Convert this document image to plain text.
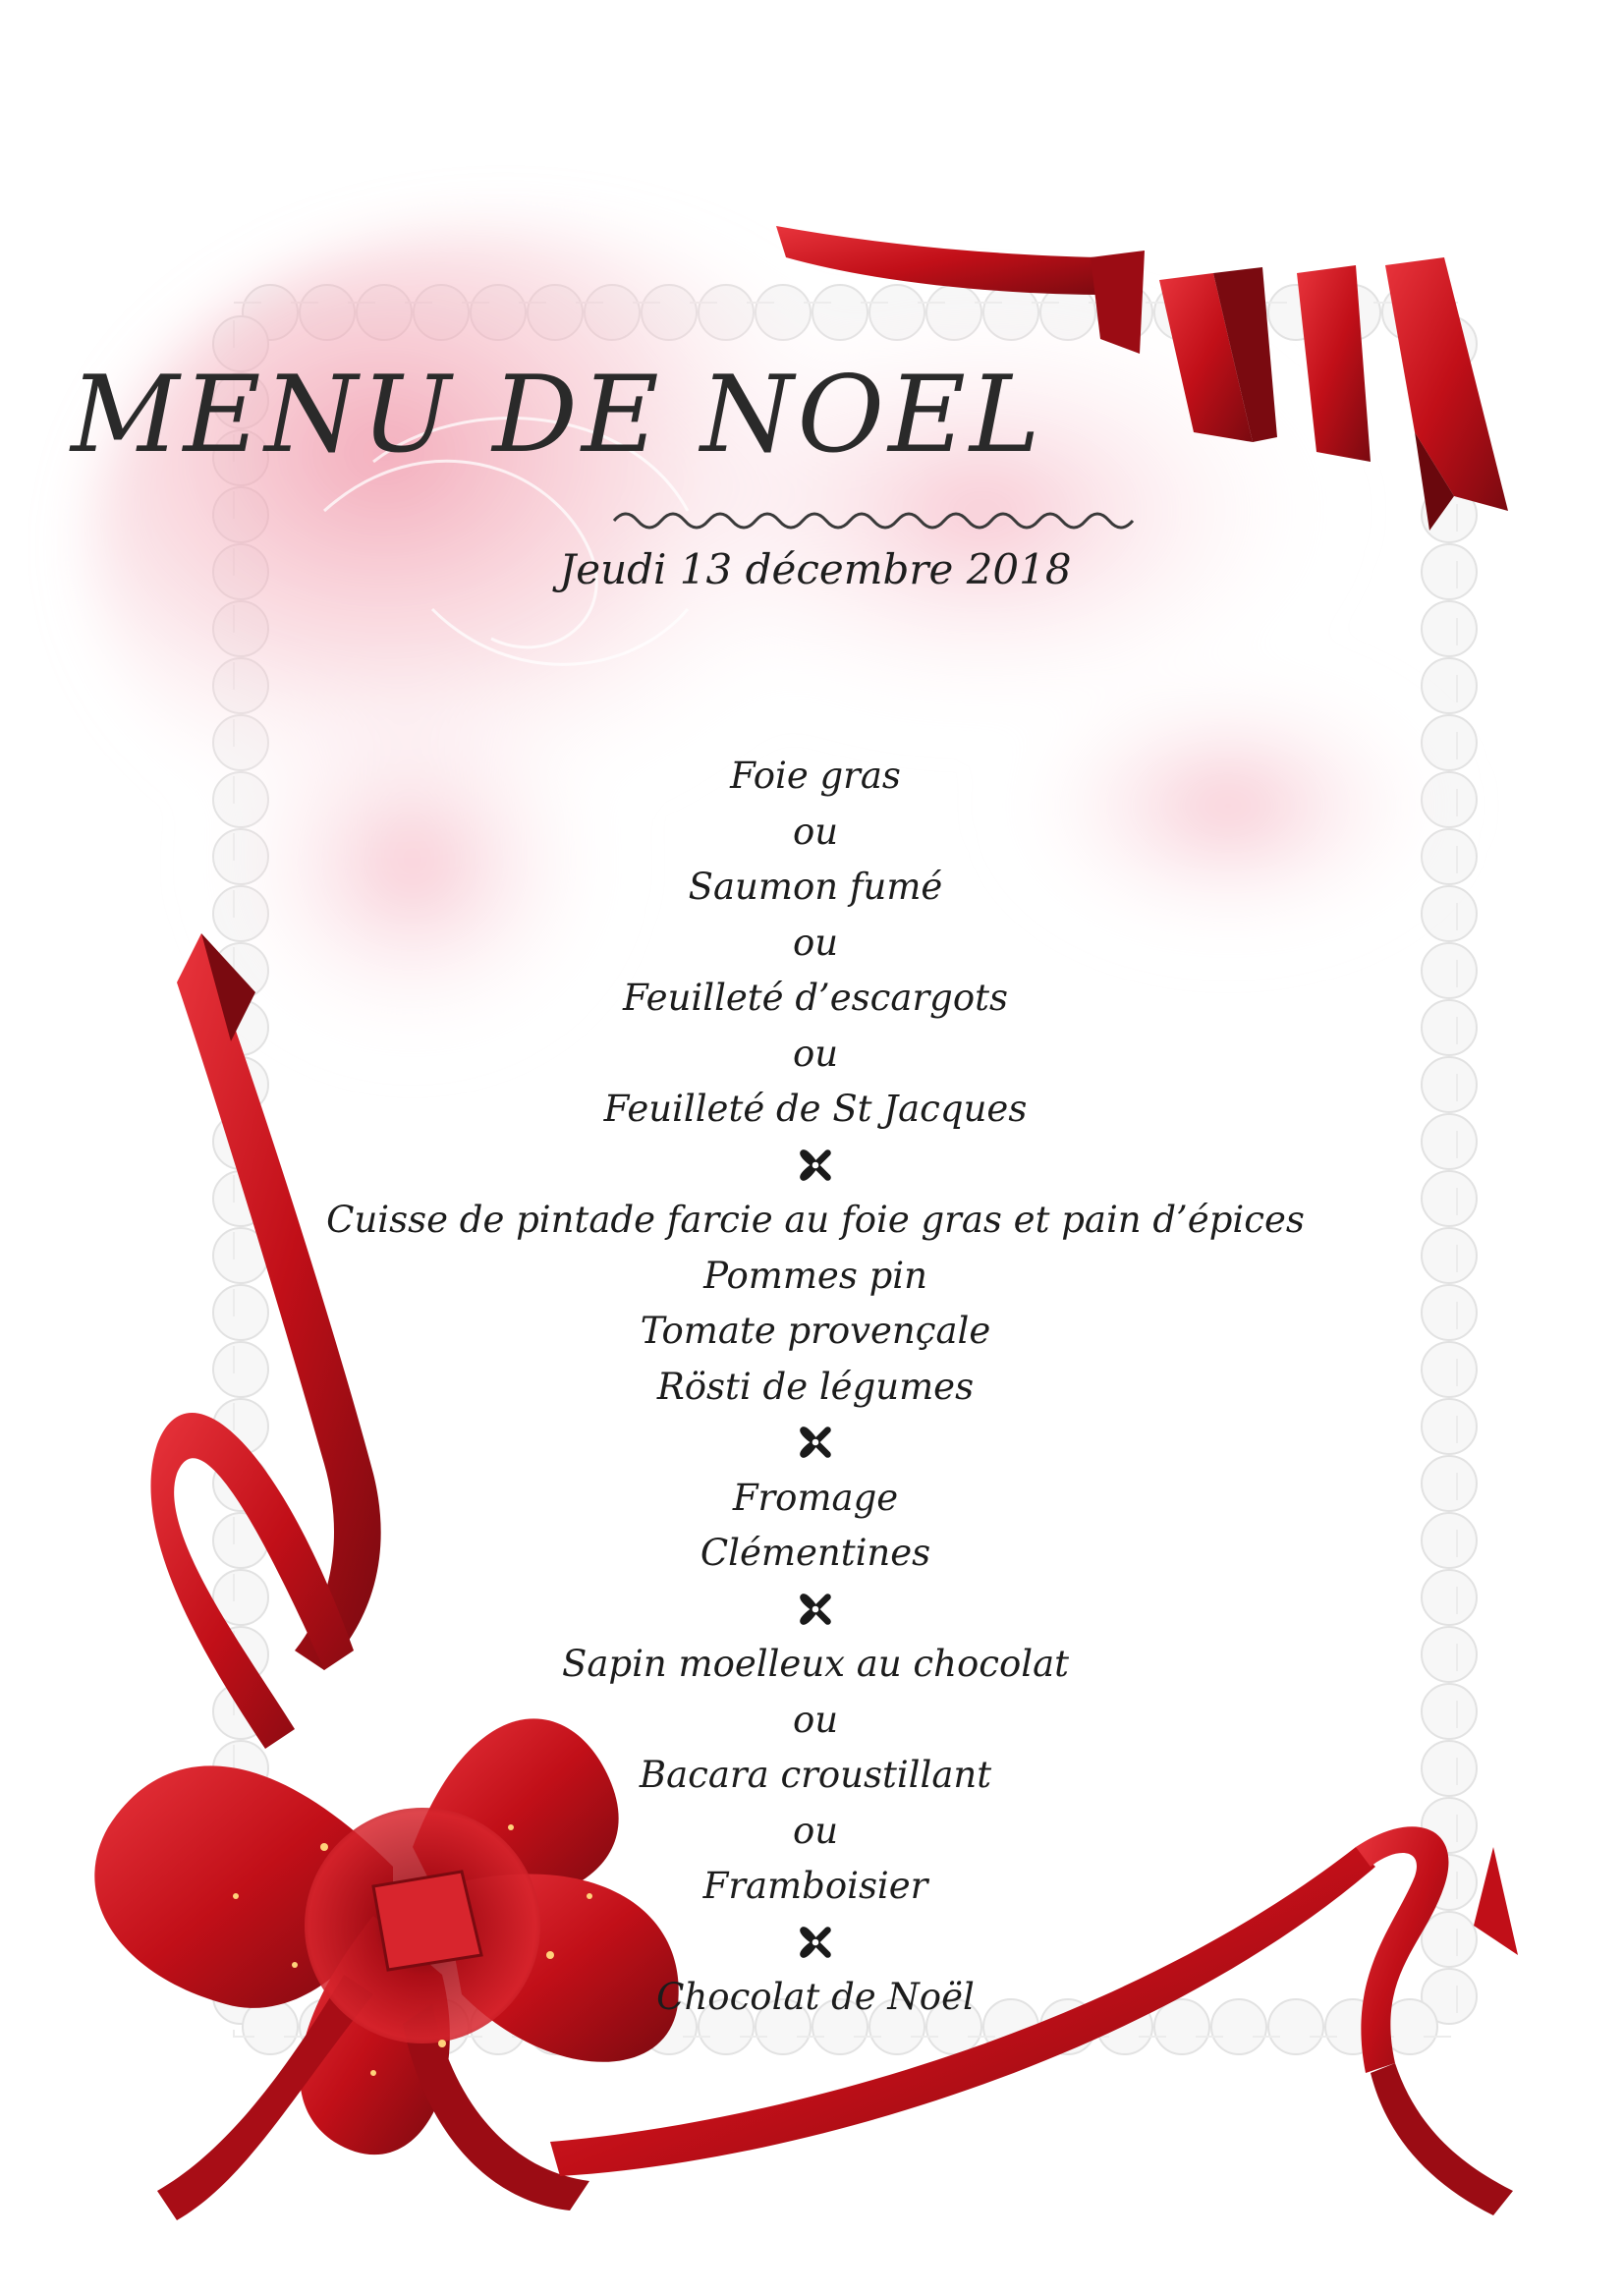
MENU DE NOEL
Jeudi 13 décembre 2018
Foie gras
ou
Saumon fumé
ou
Feuilleté d’escargots
ou
Feuilleté de St Jacques
Cuisse de pintade farcie au foie gras et pain d’épices
Pommes pin
Tomate provençale
Rösti de légumes
Fromage
Clémentines
Sapin moelleux au chocolat
ou
Bacara croustillant
ou
Framboisier
Chocolat de Noël
